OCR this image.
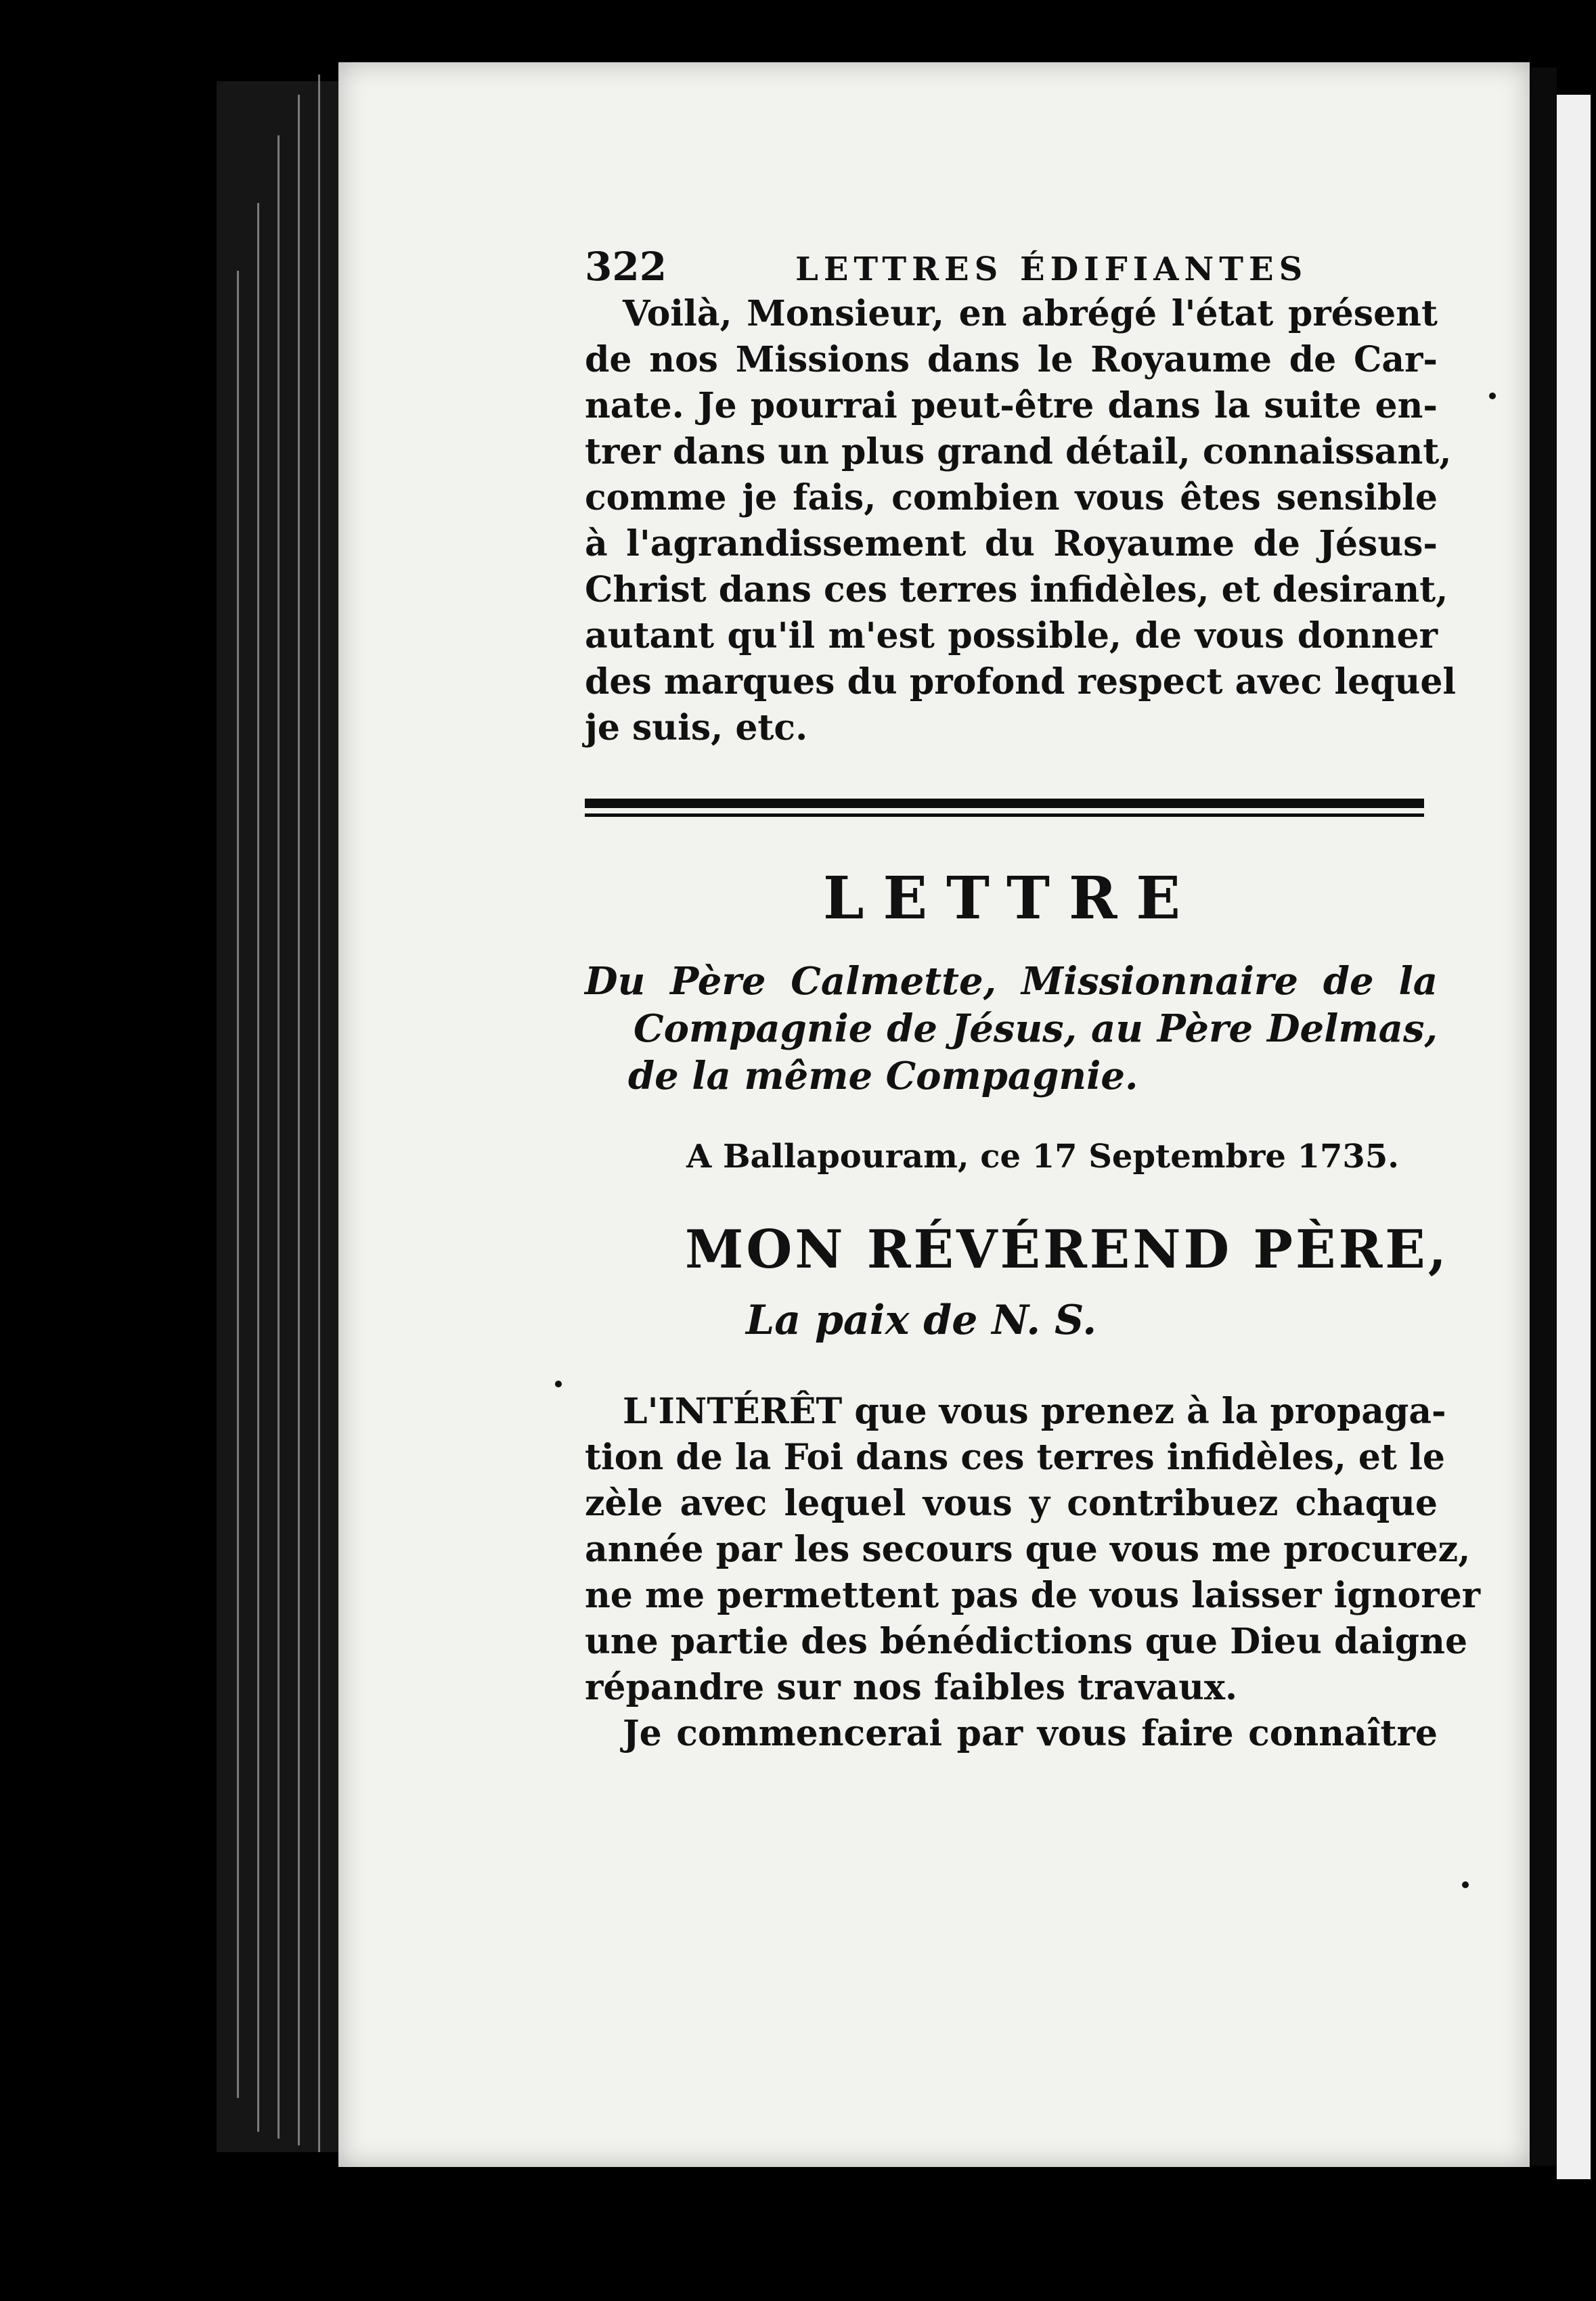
322	LETTRES ÉDIFIANTES

Voilà, Monsieur, en abrégé l'état présent
de nos Missions dans le Royaume de Car-
nate. Je pourrai peut-être dans la suite en-
trer dans un plus grand détail, connaissant,
comme je fais, combien vous êtes sensible
à l'agrandissement du Royaume de Jésus-
Christ dans ces terres infidèles, et desirant,
autant qu'il m'est possible, de vous donner
des marques du profond respect avec lequel
je suis, etc.

LETTRE
Du Père Calmette, Missionnaire de la
Compagnie de Jésus, au Père Delmas,
de la même Compagnie.
A Ballapouram, ce 17 Septembre 1735.
MON RÉVÉREND PÈRE,
La paix de N. S.

L'INTÉRÊT que vous prenez à la propaga-
tion de la Foi dans ces terres infidèles, et le
zèle avec lequel vous y contribuez chaque
année par les secours que vous me procurez,
ne me permettent pas de vous laisser ignorer
une partie des bénédictions que Dieu daigne
répandre sur nos faibles travaux.
Je commencerai par vous faire connaître
